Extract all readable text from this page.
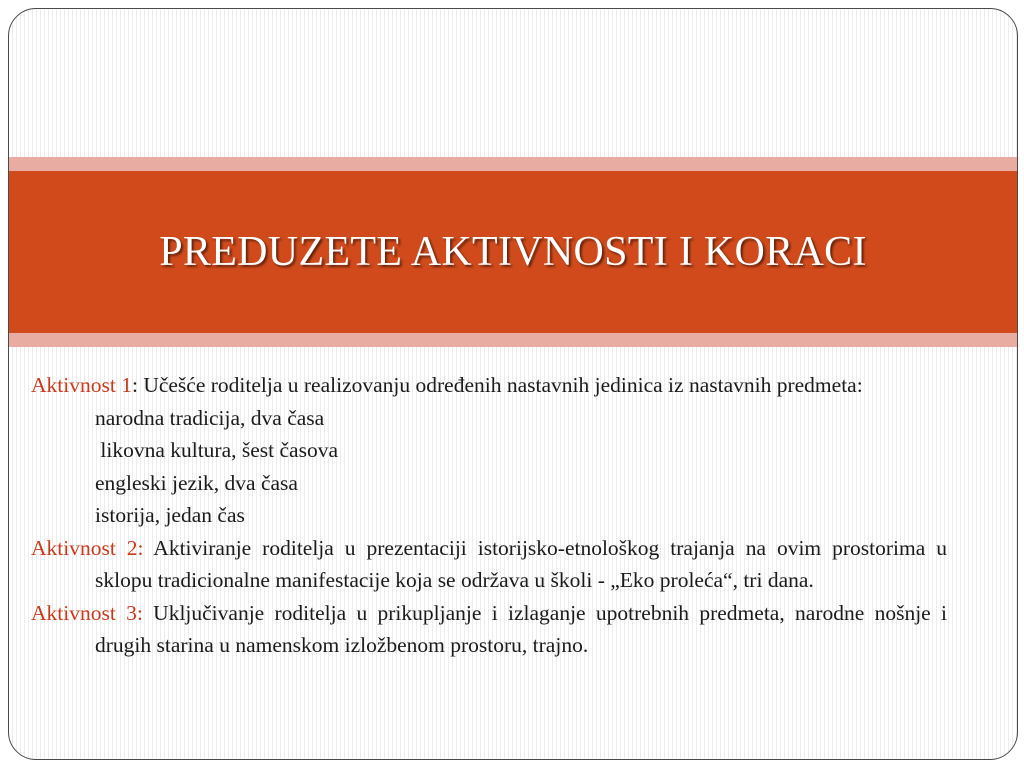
PREDUZETE AKTIVNOSTI I KORACI
Aktivnost 1: Učešće roditelja u realizovanju određenih nastavnih jedinica iz nastavnih predmeta:
narodna tradicija, dva časa
likovna kultura, šest časova
engleski jezik, dva časa
istorija, jedan čas
Aktivnost 2: Aktiviranje roditelja u prezentaciji istorijsko-etnološkog trajanja na ovim prostorima u sklopu tradicionalne manifestacije koja se održava u školi - „Eko proleća“, tri dana.
Aktivnost 3: Uključivanje roditelja u prikupljanje i izlaganje upotrebnih predmeta, narodne nošnje i drugih starina u namenskom izložbenom prostoru, trajno.
